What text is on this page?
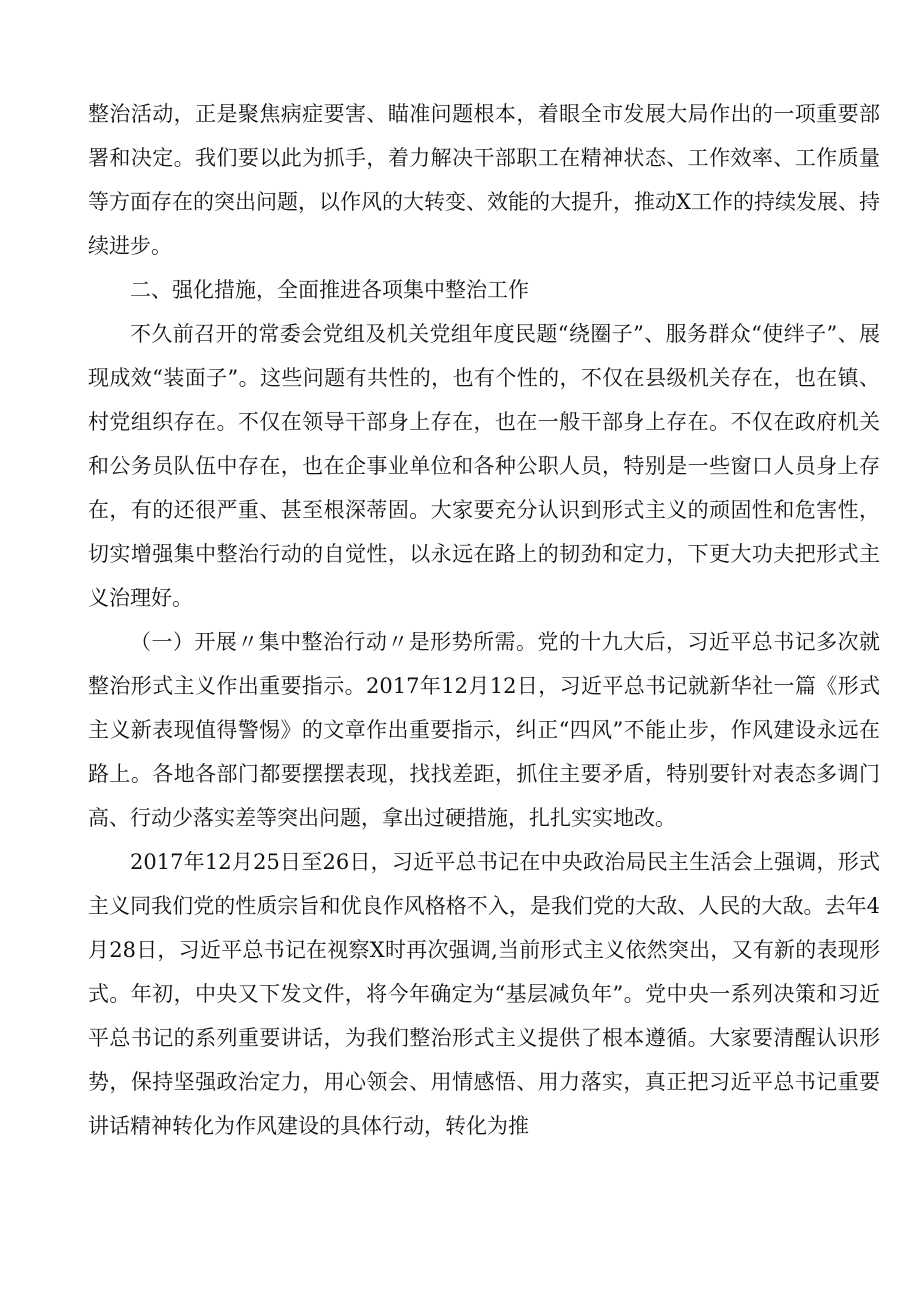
整治活动，正是聚焦病症要害、瞄准问题根本，着眼全市发展大局作出的一项重要部署和决定。我们要以此为抓手，着力解决干部职工在精神状态、工作效率、工作质量等方面存在的突出问题，以作风的大转变、效能的大提升，推动X工作的持续发展、持续进步。

二、强化措施，全面推进各项集中整治工作

不久前召开的常委会党组及机关党组年度民题“绕圈子”、服务群众“使绊子”、展现成效“装面子”。这些问题有共性的，也有个性的，不仅在县级机关存在，也在镇、村党组织存在。不仅在领导干部身上存在，也在一般干部身上存在。不仅在政府机关和公务员队伍中存在，也在企事业单位和各种公职人员，特别是一些窗口人员身上存在，有的还很严重、甚至根深蒂固。大家要充分认识到形式主义的顽固性和危害性，切实增强集中整治行动的自觉性，以永远在路上的韧劲和定力，下更大功夫把形式主义治理好。

（一）开展〃集中整治行动〃是形势所需。党的十九大后，习近平总书记多次就整治形式主义作出重要指示。2017年12月12日，习近平总书记就新华社一篇《形式主义新表现值得警惕》的文章作出重要指示，纠正“四风”不能止步，作风建设永远在路上。各地各部门都要摆摆表现，找找差距，抓住主要矛盾，特别要针对表态多调门高、行动少落实差等突出问题，拿出过硬措施，扎扎实实地改。

2017年12月25日至26日，习近平总书记在中央政治局民主生活会上强调，形式主义同我们党的性质宗旨和优良作风格格不入，是我们党的大敌、人民的大敌。去年4月28日，习近平总书记在视察X时再次强调,当前形式主义依然突出，又有新的表现形式。年初，中央又下发文件，将今年确定为“基层减负年”。党中央一系列决策和习近平总书记的系列重要讲话，为我们整治形式主义提供了根本遵循。大家要清醒认识形势，保持坚强政治定力，用心领会、用情感悟、用力落实，真正把习近平总书记重要讲话精神转化为作风建设的具体行动，转化为推
